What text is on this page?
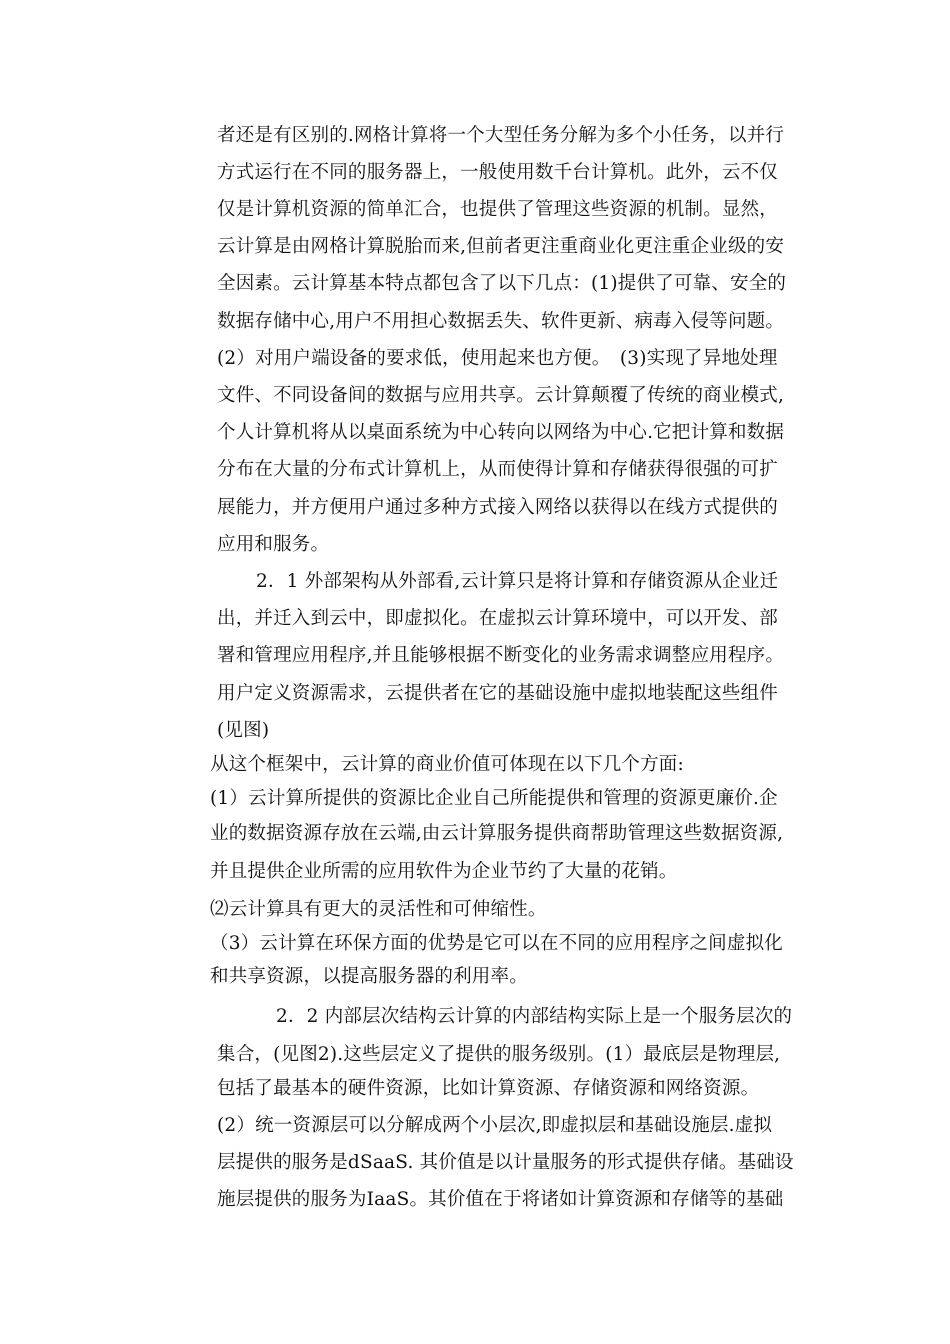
者还是有区别的.网格计算将一个大型任务分解为多个小任务，以并行
方式运行在不同的服务器上，一般使用数千台计算机。此外，云不仅
仅是计算机资源的简单汇合，也提供了管理这些资源的机制。显然，
云计算是由网格计算脱胎而来,但前者更注重商业化更注重企业级的安
全因素。云计算基本特点都包含了以下几点：(1)提供了可靠、安全的
数据存储中心,用户不用担心数据丢失、软件更新、病毒入侵等问题。
(2）对用户端设备的要求低，使用起来也方便。　(3)实现了异地处理
文件、不同设备间的数据与应用共享。云计算颠覆了传统的商业模式,
个人计算机将从以桌面系统为中心转向以网络为中心.它把计算和数据
分布在大量的分布式计算机上，从而使得计算和存储获得很强的可扩
展能力，并方便用户通过多种方式接入网络以获得以在线方式提供的
应用和服务。
2．1 外部架构从外部看,云计算只是将计算和存储资源从企业迁
出，并迁入到云中，即虚拟化。在虚拟云计算环境中，可以开发、部
署和管理应用程序,并且能够根据不断变化的业务需求调整应用程序。
用户定义资源需求，云提供者在它的基础设施中虚拟地装配这些组件
(见图)
从这个框架中，云计算的商业价值可体现在以下几个方面:
(1）云计算所提供的资源比企业自己所能提供和管理的资源更廉价.企
业的数据资源存放在云端,由云计算服务提供商帮助管理这些数据资源,
并且提供企业所需的应用软件为企业节约了大量的花销。
⑵云计算具有更大的灵活性和可伸缩性。
（3）云计算在环保方面的优势是它可以在不同的应用程序之间虚拟化
和共享资源，以提高服务器的利用率。
2．2 内部层次结构云计算的内部结构实际上是一个服务层次的
集合，(见图2).这些层定义了提供的服务级别。(1）最底层是物理层,
包括了最基本的硬件资源，比如计算资源、存储资源和网络资源。
(2）统一资源层可以分解成两个小层次,即虚拟层和基础设施层.虚拟
层提供的服务是dSaaS. 其价值是以计量服务的形式提供存储。基础设
施层提供的服务为IaaS。其价值在于将诸如计算资源和存储等的基础
